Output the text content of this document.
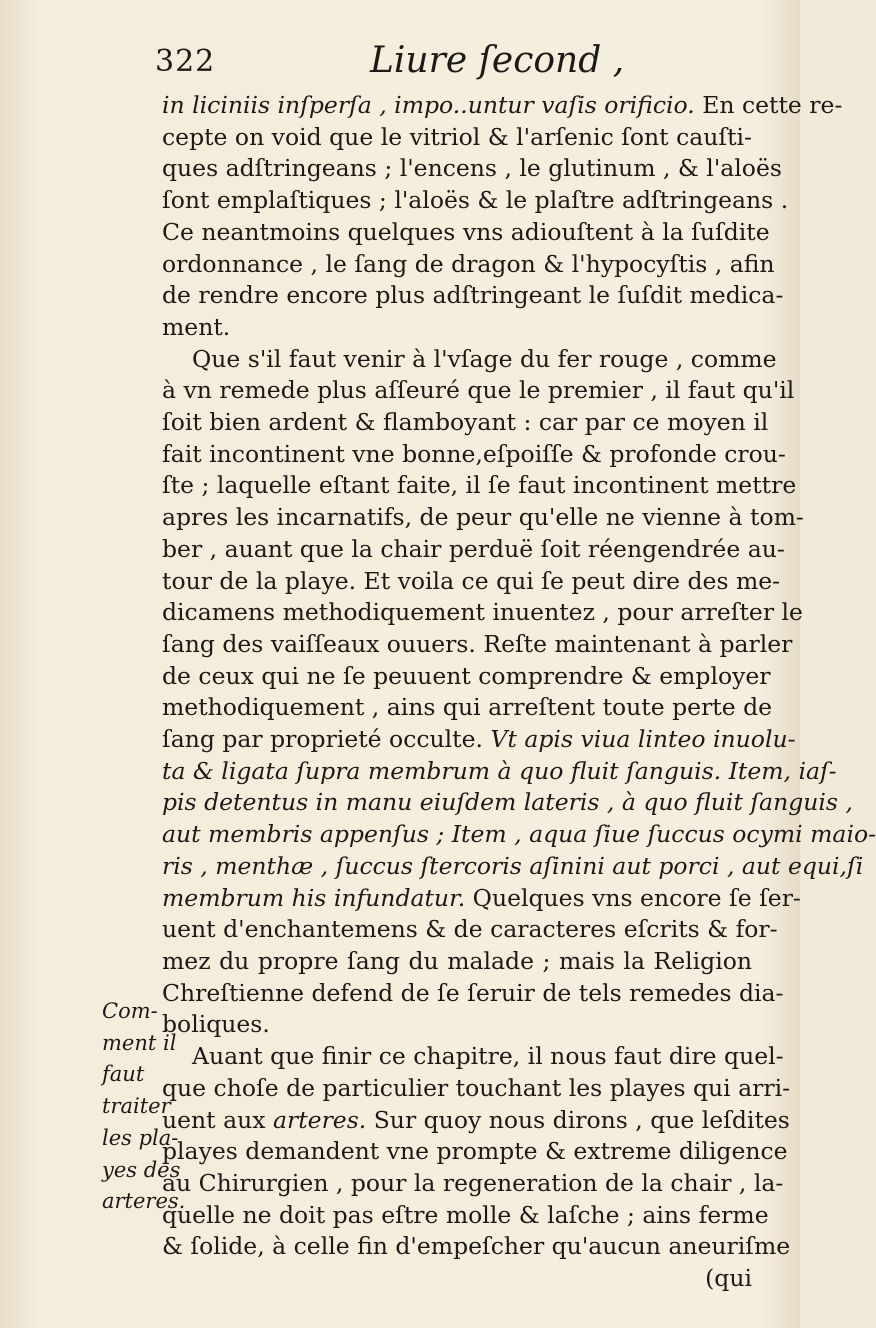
322	Liure ſecond ,
in liciniis inſperſa , impo..untur vaſis orificio. En cette re-
cepte on void que le vitriol & l'arſenic ſont cauſti-
ques adſtringeans ; l'encens , le glutinum , & l'aloës
ſont emplaſtiques ; l'aloës & le plaſtre adſtringeans .
Ce neantmoins quelques vns adiouſtent à la ſuſdite
ordonnance , le ſang de dragon & l'hypocyſtis , afin
de rendre encore plus adſtringeant le ſuſdit medica-
ment.
Que s'il faut venir à l'vſage du fer rouge , comme
à vn remede plus aſſeuré que le premier , il faut qu'il
ſoit bien ardent & flamboyant : car par ce moyen il
fait incontinent vne bonne,eſpoiſſe & profonde crou-
ſte ; laquelle eſtant faite, il ſe faut incontinent mettre
apres les incarnatifs, de peur qu'elle ne vienne à tom-
ber , auant que la chair perduë ſoit réengendrée au-
tour de la playe. Et voila ce qui ſe peut dire des me-
dicamens methodiquement inuentez , pour arreſter le
ſang des vaiſſeaux ouuers. Reſte maintenant à parler
de ceux qui ne ſe peuuent comprendre & employer
methodiquement , ains qui arreſtent toute perte de
ſang par proprieté occulte. Vt apis viua linteo inuolu-
ta & ligata ſupra membrum à quo fluit ſanguis. Item, iaſ-
pis detentus in manu eiuſdem lateris , à quo fluit ſanguis ,
aut membris appenſus ; Item , aqua ſiue ſuccus ocymi maio-
ris , menthæ , ſuccus ſtercoris aſinini aut porci , aut equi,ſi
membrum his infundatur. Quelques vns encore ſe ſer-
uent d'enchantemens & de caracteres eſcrits & for-
mez du propre ſang du malade ; mais la Religion
Chreſtienne defend de ſe ſeruir de tels remedes dia-
boliques.
Auant que finir ce chapitre, il nous faut dire quel-
que choſe de particulier touchant les playes qui arri-
uent aux arteres. Sur quoy nous dirons , que leſdites
playes demandent vne prompte & extreme diligence
au Chirurgien , pour la regeneration de la chair , la-
quelle ne doit pas eſtre molle & laſche ; ains ferme
& ſolide, à celle fin d'empeſcher qu'aucun aneuriſme
(qui
Com-
ment il
faut
traiter
les pla-
yes des
arteres.
